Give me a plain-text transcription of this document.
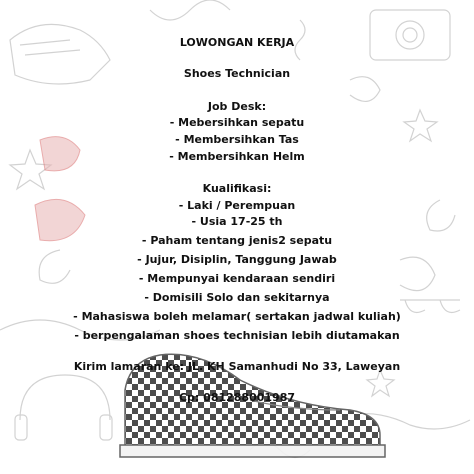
LOWONGAN KERJA
Shoes Technician
Job Desk:
- Mebersihkan sepatu
- Membersihkan Tas
- Membersihkan Helm
Kualifikasi:
- Laki / Perempuan
- Usia 17-25 th
- Paham tentang jenis2 sepatu
- Jujur, Disiplin, Tanggung Jawab
- Mempunyai kendaraan sendiri
- Domisili Solo dan sekitarnya
- Mahasiswa boleh melamar( sertakan jadwal kuliah)
- berpengalaman shoes technisian lebih diutamakan
Kirim lamaran ke: JL. KH Samanhudi No 33, Laweyan
Cp: 081288001987
